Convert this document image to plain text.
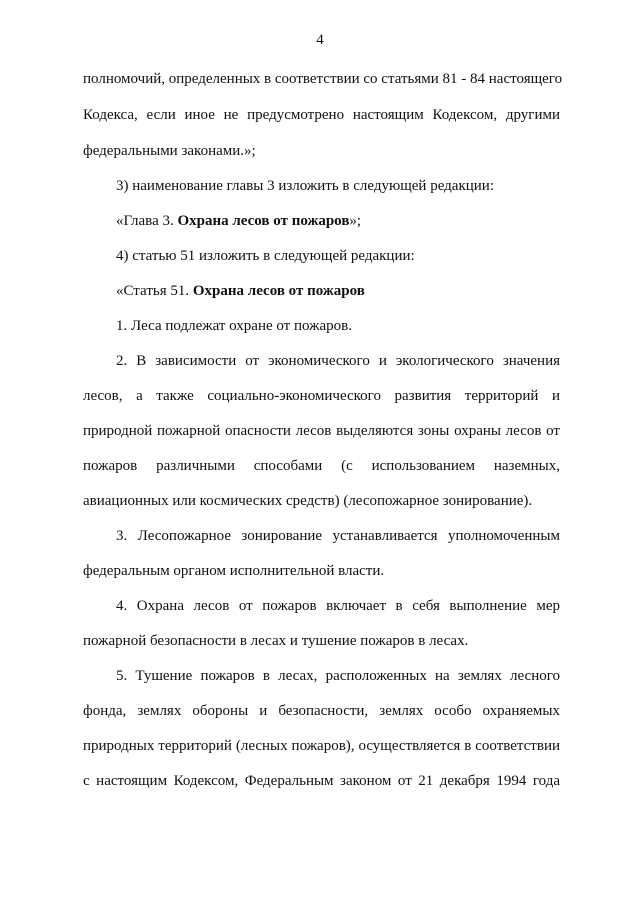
4
полномочий, определенных в соответствии со статьями 81 - 84 настоящего
Кодекса, если иное не предусмотрено настоящим Кодексом, другими
федеральными законами.»;
3) наименование главы 3 изложить в следующей редакции:
«Глава 3. Охрана лесов от пожаров»;
4) статью 51 изложить в следующей редакции:
«Статья 51. Охрана лесов от пожаров
1. Леса подлежат охране от пожаров.
2. В зависимости от экономического и экологического значения
лесов, а также социально-экономического развития территорий и
природной пожарной опасности лесов выделяются зоны охраны лесов от
пожаров различными способами (с использованием наземных,
авиационных или космических средств) (лесопожарное зонирование).
3. Лесопожарное зонирование устанавливается уполномоченным
федеральным органом исполнительной власти.
4. Охрана лесов от пожаров включает в себя выполнение мер
пожарной безопасности в лесах и тушение пожаров в лесах.
5. Тушение пожаров в лесах, расположенных на землях лесного
фонда, землях обороны и безопасности, землях особо охраняемых
природных территорий (лесных пожаров), осуществляется в соответствии
с настоящим Кодексом, Федеральным законом от 21 декабря 1994 года
